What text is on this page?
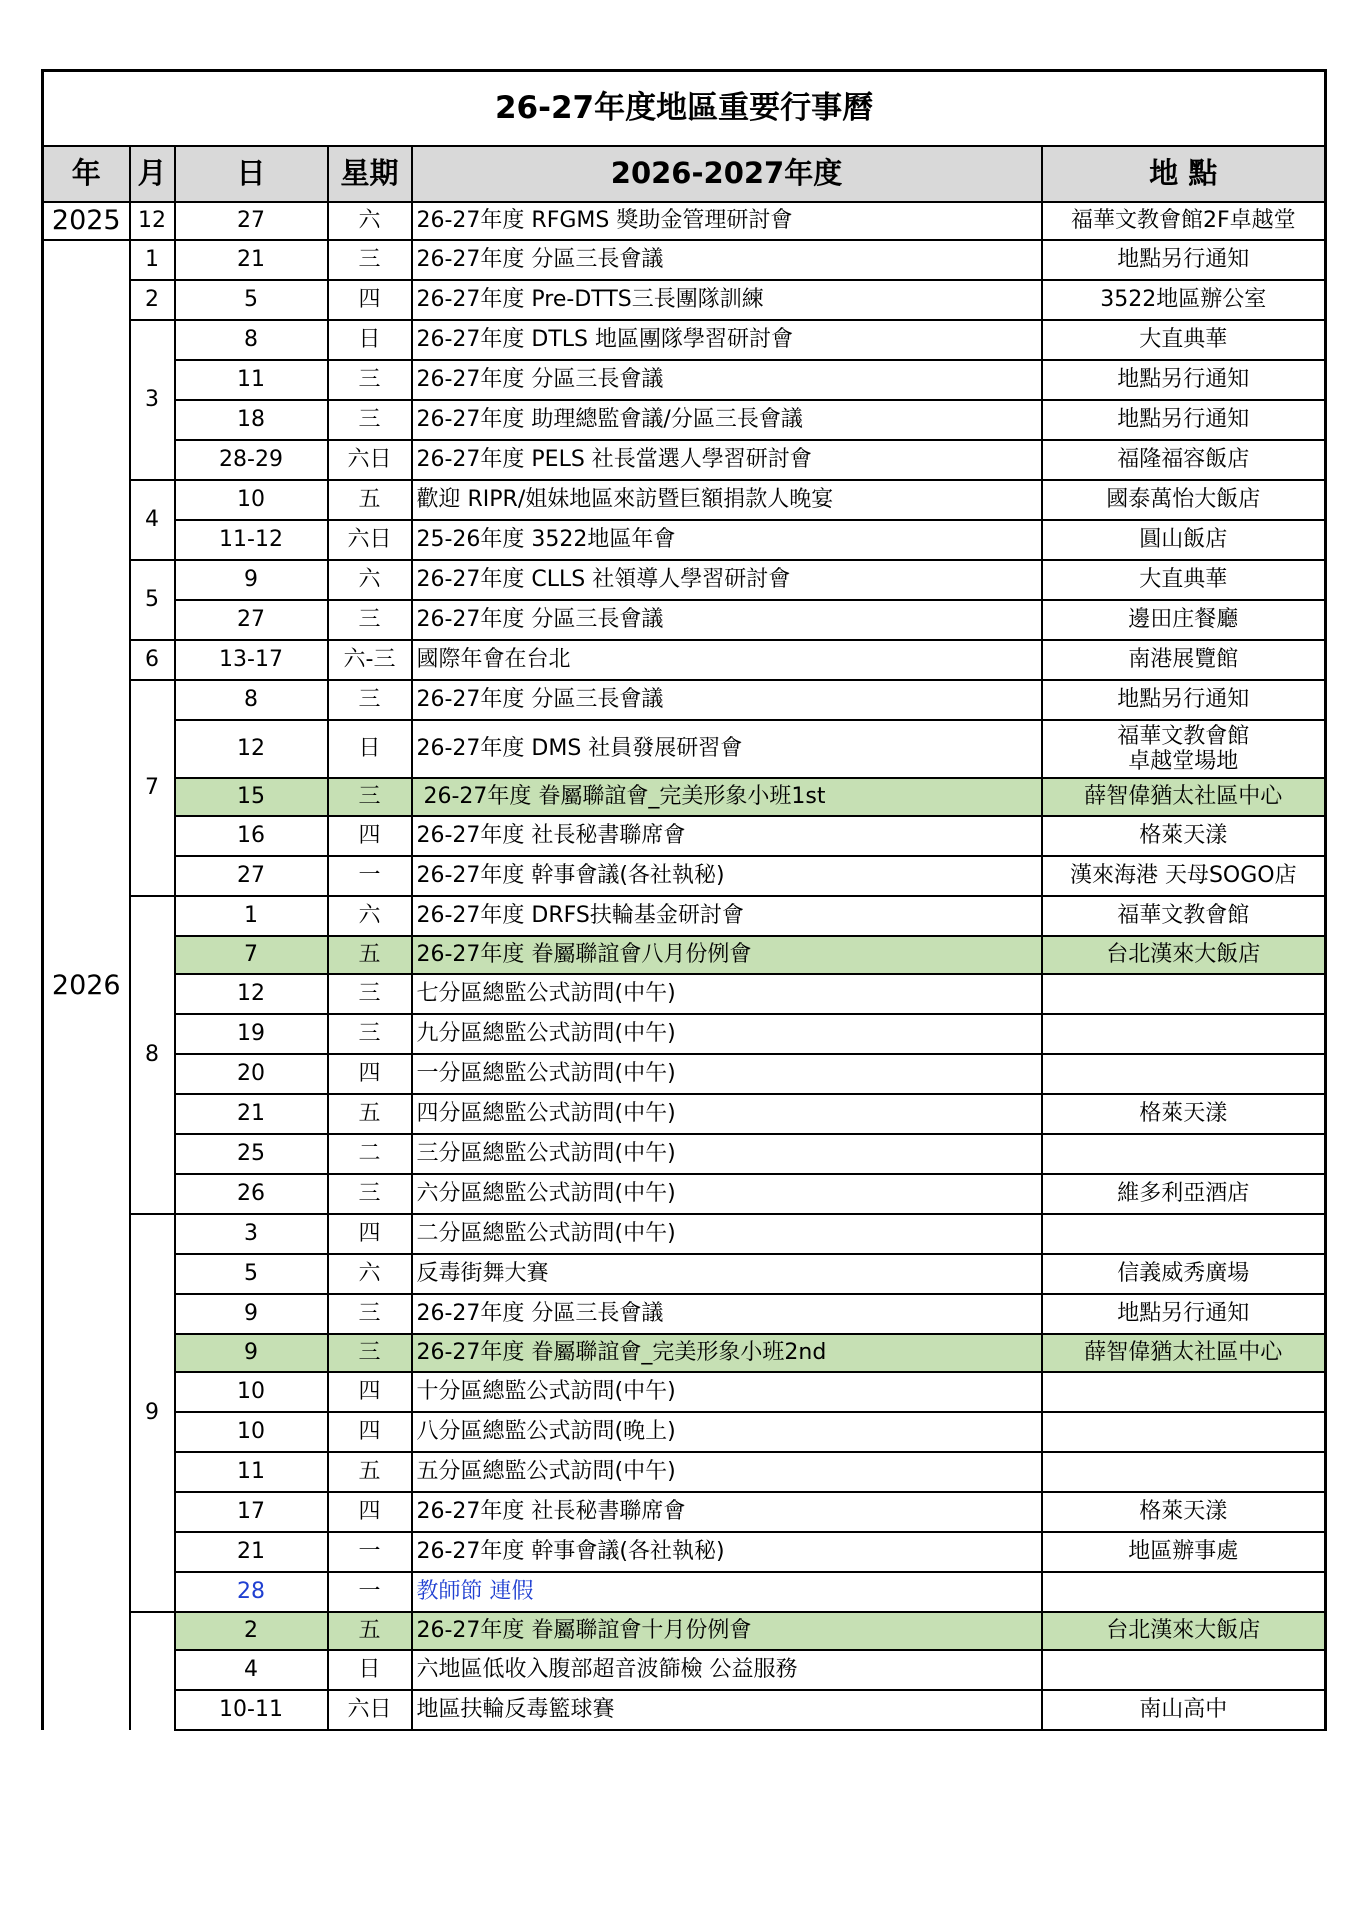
26-27年度地區重要行事曆					
年	月	日	星期	2026-2027年度	地 點
2025	12	27	六	26-27年度 RFGMS 獎助金管理研討會	福華文教會館2F卓越堂
2026	1	21	三	26-27年度 分區三長會議	地點另行通知
	2	5	四	26-27年度 Pre-DTTS三長團隊訓練	3522地區辦公室
	3	8	日	26-27年度 DTLS 地區團隊學習研討會	大直典華
		11	三	26-27年度 分區三長會議	地點另行通知
		18	三	26-27年度 助理總監會議/分區三長會議	地點另行通知
		28-29	六日	26-27年度 PELS 社長當選人學習研討會	福隆福容飯店
	4	10	五	歡迎 RIPR/姐妹地區來訪暨巨額捐款人晚宴	國泰萬怡大飯店
		11-12	六日	25-26年度 3522地區年會	圓山飯店
	5	9	六	26-27年度 CLLS 社領導人學習研討會	大直典華
		27	三	26-27年度 分區三長會議	邊田庄餐廳
	6	13-17	六-三	國際年會在台北	南港展覽館
	7	8	三	26-27年度 分區三長會議	地點另行通知
		12	日	26-27年度 DMS 社員發展研習會	福華文教會館 卓越堂場地
		15	三	26-27年度 眷屬聯誼會_完美形象小班1st	薛智偉猶太社區中心
		16	四	26-27年度 社長秘書聯席會	格萊天漾
		27	一	26-27年度 幹事會議(各社執秘)	漢來海港 天母SOGO店
	8	1	六	26-27年度 DRFS扶輪基金研討會	福華文教會館
		7	五	26-27年度 眷屬聯誼會八月份例會	台北漢來大飯店
		12	三	七分區總監公式訪問(中午)	
		19	三	九分區總監公式訪問(中午)	
		20	四	一分區總監公式訪問(中午)	
		21	五	四分區總監公式訪問(中午)	格萊天漾
		25	二	三分區總監公式訪問(中午)	
		26	三	六分區總監公式訪問(中午)	維多利亞酒店
	9	3	四	二分區總監公式訪問(中午)	
		5	六	反毒街舞大賽	信義威秀廣場
		9	三	26-27年度 分區三長會議	地點另行通知
		9	三	26-27年度 眷屬聯誼會_完美形象小班2nd	薛智偉猶太社區中心
		10	四	十分區總監公式訪問(中午)	
		10	四	八分區總監公式訪問(晚上)	
		11	五	五分區總監公式訪問(中午)	
		17	四	26-27年度 社長秘書聯席會	格萊天漾
		21	一	26-27年度 幹事會議(各社執秘)	地區辦事處
		28	一	教師節 連假	
		2	五	26-27年度 眷屬聯誼會十月份例會	台北漢來大飯店
		4	日	六地區低收入腹部超音波篩檢 公益服務	
		10-11	六日	地區扶輪反毒籃球賽	南山高中
